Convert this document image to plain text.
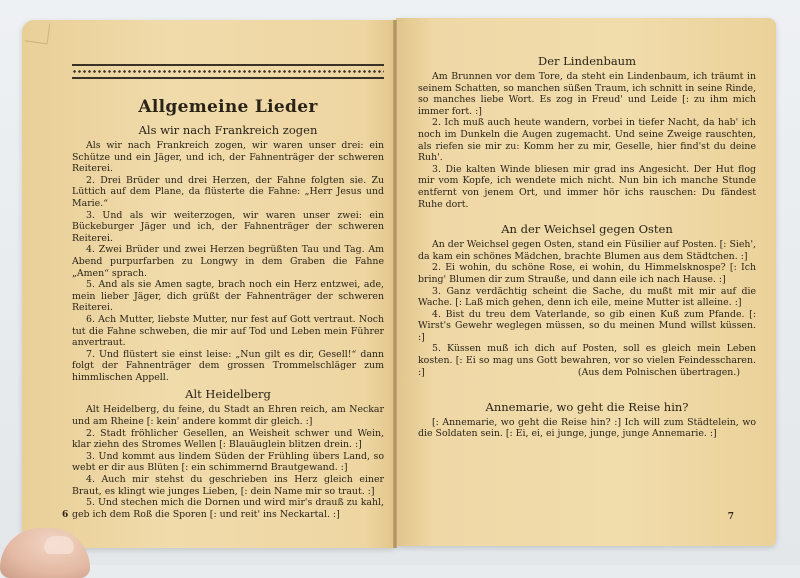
Allgemeine Lieder
Als wir nach Frankreich zogen

Als wir nach Frankreich zogen, wir waren unser drei: ein Schütze und ein Jäger, und ich, der Fahnenträger der schweren Reiterei.

2. Drei Brüder und drei Herzen, der Fahne folgten sie. Zu Lüttich auf dem Plane, da flüsterte die Fahne: „Herr Jesus und Marie.“

3. Und als wir weiterzogen, wir waren unser zwei: ein Bückeburger Jäger und ich, der Fahnenträger der schweren Reiterei.

4. Zwei Brüder und zwei Herzen begrüßten Tau und Tag. Am Abend purpurfarben zu Longwy in dem Graben die Fahne „Amen“ sprach.

5. And als sie Amen sagte, brach noch ein Herz entzwei, ade, mein lieber Jäger, dich grüßt der Fahnenträger der schweren Reiterei.

6. Ach Mutter, liebste Mutter, nur fest auf Gott vertraut. Noch tut die Fahne schweben, die mir auf Tod und Leben mein Führer anvertraut.

7. Und flüstert sie einst leise: „Nun gilt es dir, Gesell!“ dann folgt der Fahnenträger dem grossen Trommelschläger zum himmlischen Appell.

Alt Heidelberg

Alt Heidelberg, du feine, du Stadt an Ehren reich, am Neckar und am Rheine [: kein' andere kommt dir gleich. :]

2. Stadt fröhlicher Gesellen, an Weisheit schwer und Wein, klar ziehn des Stromes Wellen [: Blauäuglein blitzen drein. :]

3. Und kommt aus lindem Süden der Frühling übers Land, so webt er dir aus Blüten [: ein schimmernd Brautgewand. :]

4. Auch mir stehst du geschrieben ins Herz gleich einer Braut, es klingt wie junges Lieben, [: dein Name mir so traut. :]

5. Und stechen mich die Dornen und wird mir's drauß zu kahl, geb ich dem Roß die Sporen [: und reit' ins Neckartal. :]

6
Der Lindenbaum

Am Brunnen vor dem Tore, da steht ein Lindenbaum, ich träumt in seinem Schatten, so manchen süßen Traum, ich schnitt in seine Rinde, so manches liebe Wort. Es zog in Freud' und Leide [: zu ihm mich immer fort. :]

2. Ich muß auch heute wandern, vorbei in tiefer Nacht, da hab' ich noch im Dunkeln die Augen zugemacht. Und seine Zweige rauschten, als riefen sie mir zu: Komm her zu mir, Geselle, hier find'st du deine Ruh'.

3. Die kalten Winde bliesen mir grad ins Angesicht. Der Hut flog mir vom Kopfe, ich wendete mich nicht. Nun bin ich manche Stunde entfernt von jenem Ort, und immer hör ichs rauschen: Du fändest Ruhe dort.

An der Weichsel gegen Osten

An der Weichsel gegen Osten, stand ein Füsilier auf Posten. [: Sieh', da kam ein schönes Mädchen, brachte Blumen aus dem Städtchen. :]

2. Ei wohin, du schöne Rose, ei wohin, du Himmelsknospe? [: Ich bring' Blumen dir zum Strauße, und dann eile ich nach Hause. :]

3. Ganz verdächtig scheint die Sache, du mußt mit mir auf die Wache. [: Laß mich gehen, denn ich eile, meine Mutter ist alleine. :]

4. Bist du treu dem Vaterlande, so gib einen Kuß zum Pfande. [: Wirst's Gewehr weglegen müssen, so du meinen Mund willst küssen. :]

5. Küssen muß ich dich auf Posten, soll es gleich mein Leben kosten. [: Ei so mag uns Gott bewahren, vor so vielen Feindesscharen. :]	(Aus dem Polnischen übertragen.)

Annemarie, wo geht die Reise hin?

[: Annemarie, wo geht die Reise hin? :] Ich will zum Städtelein, wo die Soldaten sein. [: Ei, ei, ei junge, junge, junge Annemarie. :]

7
